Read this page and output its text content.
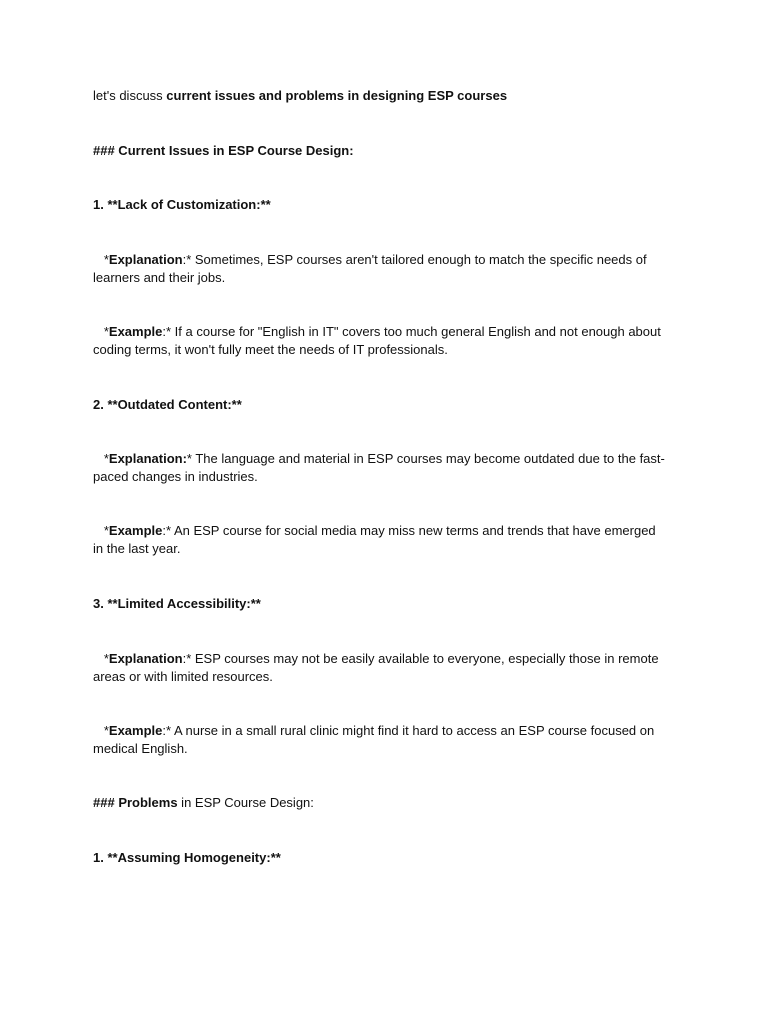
let's discuss current issues and problems in designing ESP courses
### Current Issues in ESP Course Design:
1. **Lack of Customization:**
*Explanation:* Sometimes, ESP courses aren't tailored enough to match the specific needs of learners and their jobs.
*Example:* If a course for "English in IT" covers too much general English and not enough about coding terms, it won't fully meet the needs of IT professionals.
2. **Outdated Content:**
*Explanation:* The language and material in ESP courses may become outdated due to the fast-paced changes in industries.
*Example:* An ESP course for social media may miss new terms and trends that have emerged in the last year.
3. **Limited Accessibility:**
*Explanation:* ESP courses may not be easily available to everyone, especially those in remote areas or with limited resources.
*Example:* A nurse in a small rural clinic might find it hard to access an ESP course focused on medical English.
### Problems in ESP Course Design:
1. **Assuming Homogeneity:**
